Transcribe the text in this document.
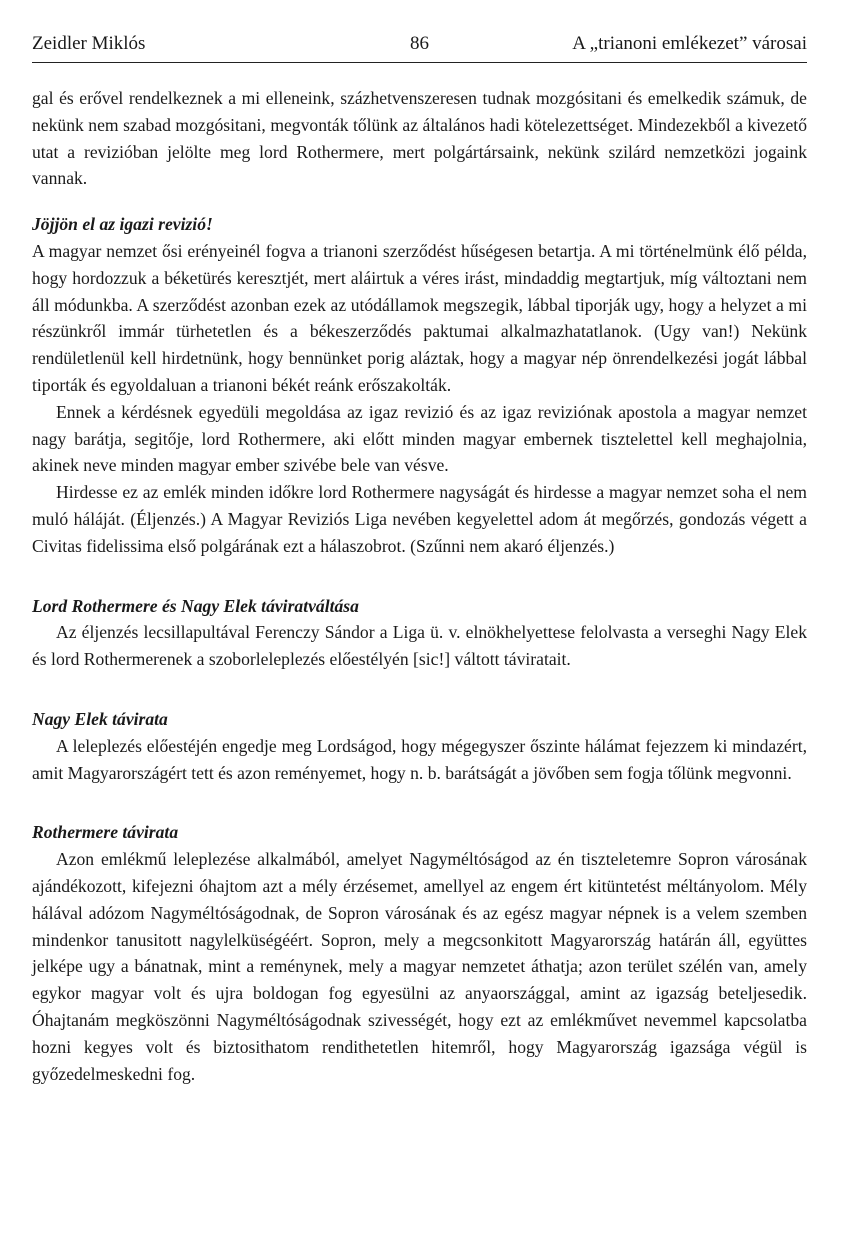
Zeidler Miklós	86	A „trianoni emlékezet” városai

gal és erővel rendelkeznek a mi elleneink, százhetvenszeresen tudnak mozgósitani és emelkedik számuk, de nekünk nem szabad mozgósitani, megvonták tőlünk az általános hadi kötelezettséget. Mindezekből a kivezető utat a revizióban jelölte meg lord Rothermere, mert polgártársaink, nekünk szilárd nemzetközi jogaink vannak.

Jöjjön el az igazi revizió!

A magyar nemzet ősi erényeinél fogva a trianoni szerződést hűségesen betartja. A mi történelmünk élő példa, hogy hordozzuk a béketürés keresztjét, mert aláirtuk a véres irást, mindaddig megtartjuk, míg változtani nem áll módunkba. A szerződést azonban ezek az utódállamok megszegik, lábbal tiporják ugy, hogy a helyzet a mi részünkről immár türhetetlen és a békeszerződés paktumai alkalmazhatatlanok. (Ugy van!) Nekünk rendületlenül kell hirdetnünk, hogy bennünket porig aláztak, hogy a magyar nép önrendelkezési jogát lábbal tiporták és egyoldaluan a trianoni békét reánk erőszakolták.

Ennek a kérdésnek egyedüli megoldása az igaz revizió és az igaz reviziónak apostola a magyar nemzet nagy barátja, segitője, lord Rothermere, aki előtt minden magyar embernek tisztelettel kell meghajolnia, akinek neve minden magyar ember szivébe bele van vésve.

Hirdesse ez az emlék minden időkre lord Rothermere nagyságát és hirdesse a magyar nemzet soha el nem muló háláját. (Éljenzés.) A Magyar Reviziós Liga nevében kegyelettel adom át megőrzés, gondozás végett a Civitas fidelissima első polgárának ezt a hálaszobrot. (Szűnni nem akaró éljenzés.)

Lord Rothermere és Nagy Elek táviratváltása

Az éljenzés lecsillapultával Ferenczy Sándor a Liga ü. v. elnökhelyettese felolvasta a verseghi Nagy Elek és lord Rothermerenek a szoborleleplezés előestélyén [sic!] váltott táviratait.

Nagy Elek távirata

A leleplezés előestéjén engedje meg Lordságod, hogy mégegyszer őszinte hálámat fejezzem ki mindazért, amit Magyarországért tett és azon reményemet, hogy n. b. barátságát a jövőben sem fogja tőlünk megvonni.

Rothermere távirata

Azon emlékmű leleplezése alkalmából, amelyet Nagyméltóságod az én tiszteletemre Sopron városának ajándékozott, kifejezni óhajtom azt a mély érzésemet, amellyel az engem ért kitüntetést méltányolom. Mély hálával adózom Nagyméltóságodnak, de Sopron városának és az egész magyar népnek is a velem szemben mindenkor tanusitott nagylelküségéért. Sopron, mely a megcsonkitott Magyarország határán áll, együttes jelképe ugy a bánatnak, mint a reménynek, mely a magyar nemzetet áthatja; azon terület szélén van, amely egykor magyar volt és ujra boldogan fog egyesülni az anyaországgal, amint az igazság beteljesedik. Óhajtanám megköszönni Nagyméltóságodnak szivességét, hogy ezt az emlékművet nevemmel kapcsolatba hozni kegyes volt és biztosithatom rendithetetlen hitemről, hogy Magyarország igazsága végül is győzedelmeskedni fog.
